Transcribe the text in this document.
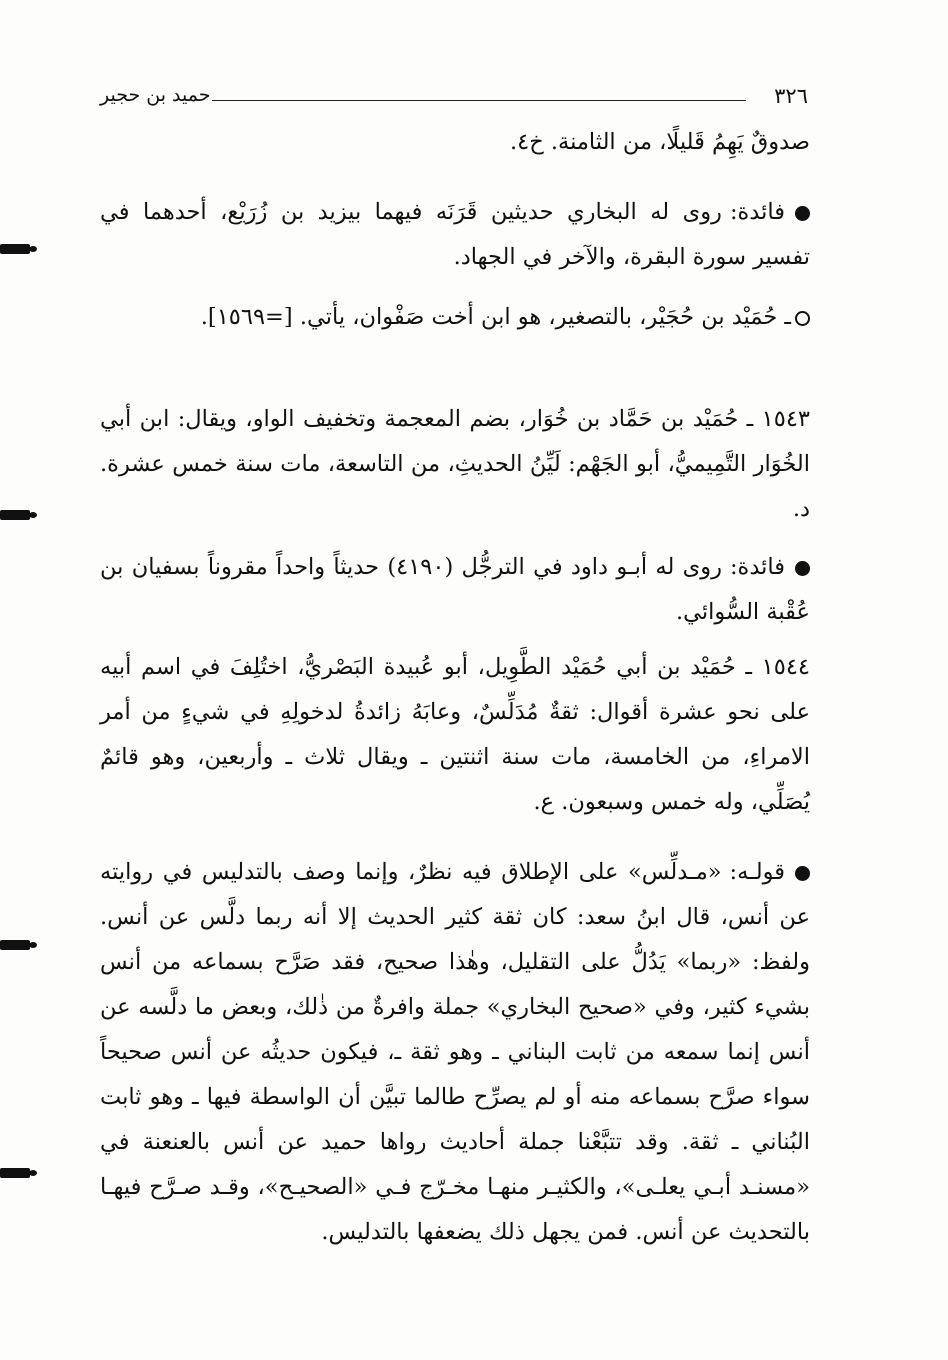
٣٢٦
حميد بن حجير

صدوقٌ يَهِمُ قَليلًا، من الثامنة. خ٤.

فائدة:روى له البخاري حديثين قَرَنَه فيهما بيزيد بن زُرَيْع، أحدهما في تفسير سورة البقرة، والآخر في الجهاد.

ـ حُمَيْد بن حُجَيْر، بالتصغير، هو ابن أخت صَفْوان، يأتي. [=١٥٦٩].

١٥٤٣ ـ حُمَيْد بن حَمَّاد بن خُوَار، بضم المعجمة وتخفيف الواو، ويقال: ابن أبي الخُوَار التَّمِيميُّ، أبو الجَهْم: لَيِّنُ الحديثِ، من التاسعة، مات سنة خمس عشرة. د.

فائدة:روى له أبـو داود في الترجُّل (٤١٩٠) حديثاً واحداً مقروناً بسفيان بن عُقْبة السُّوائي.

١٥٤٤ ـ حُمَيْد بن أبي حُمَيْد الطَّوِيل، أبو عُبيدة البَصْريُّ، اختُلِفَ في اسم أبيه على نحو عشرة أقوال: ثقةٌ مُدَلِّسٌ، وعابَهُ زائدةُ لدخولِهِ في شيءٍ من أمر الامراءِ، من الخامسة، مات سنة اثنتين ـ ويقال ثلاث ـ وأربعين، وهو قائمٌ يُصَلِّي، وله خمس وسبعون. ع.

قولـه:«مـدلِّس» على الإطلاق فيه نظرٌ، وإنما وصف بالتدليس في روايته عن أنس، قال ابنُ سعد: كان ثقة كثير الحديث إلا أنه ربما دلَّس عن أنس. ولفظ: «ربما» يَدُلُّ على التقليل، وهٰذا صحيح، فقد صَرَّح بسماعه من أنس بشيء كثير، وفي «صحيح البخاري» جملة وافرةٌ من ذٰلك، وبعض ما دلَّسه عن أنس إنما سمعه من ثابت البناني ـ وهو ثقة ـ، فيكون حديثُه عن أنس صحيحاً سواء صرَّح بسماعه منه أو لم يصرِّح طالما تبيَّن أن الواسطة فيها ـ وهو ثابت البُناني ـ ثقة. وقد تتبَّعْنا جملة أحاديث رواها حميد عن أنس بالعنعنة في «مسنـد أبـي يعلـى»، والكثيـر منهـا مخـرّج فـي «الصحيـح»، وقـد صـرَّح فيهـا بالتحديث عن أنس. فمن يجهل ذلك يضعفها بالتدليس.
